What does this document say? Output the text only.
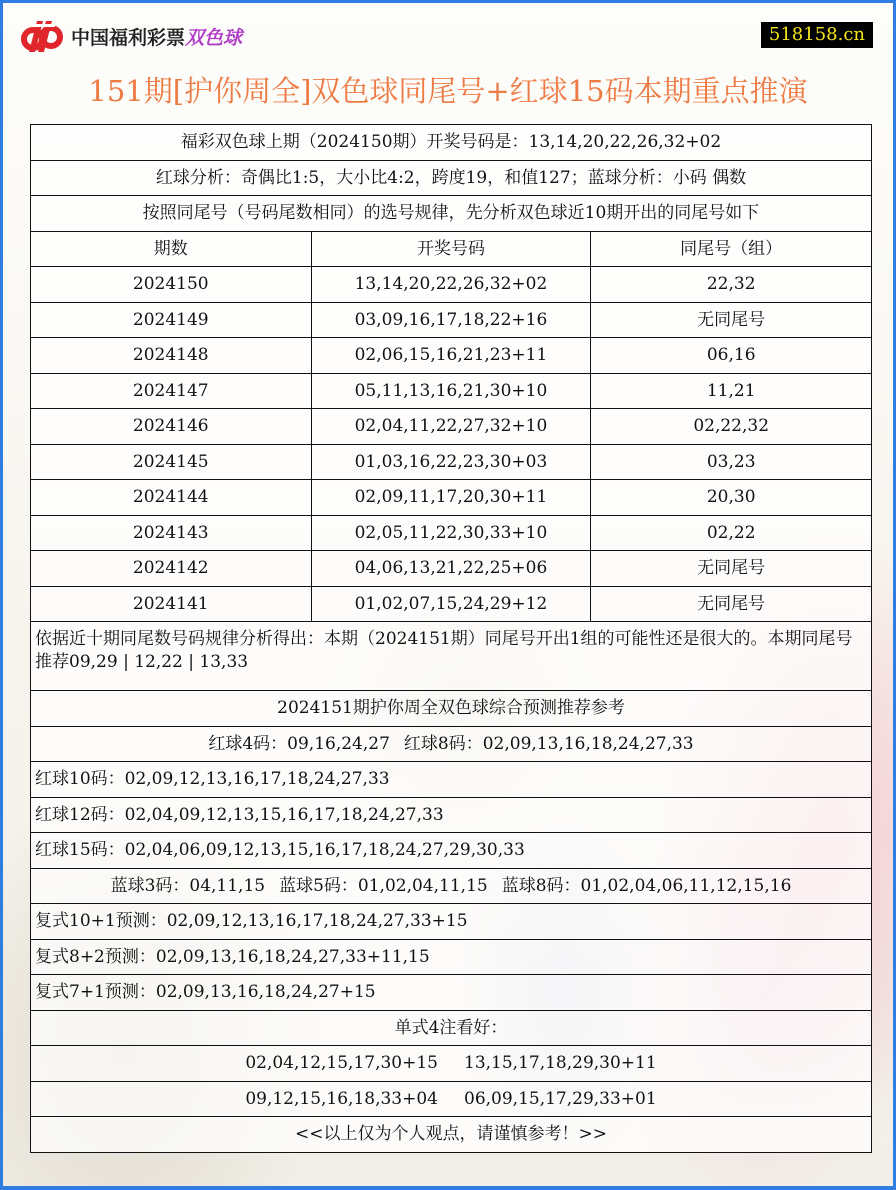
中国福利彩票 双色球	518158.cn
151期[护你周全]双色球同尾号+红球15码本期重点推演
福彩双色球上期（2024150期）开奖号码是：13,14,20,22,26,32+02		
红球分析：奇偶比1:5，大小比4:2，跨度19，和值127；蓝球分析：小码 偶数		
按照同尾号（号码尾数相同）的选号规律，先分析双色球近10期开出的同尾号如下		
期数	开奖号码	同尾号（组）
2024150	13,14,20,22,26,32+02	22,32
2024149	03,09,16,17,18,22+16	无同尾号
2024148	02,06,15,16,21,23+11	06,16
2024147	05,11,13,16,21,30+10	11,21
2024146	02,04,11,22,27,32+10	02,22,32
2024145	01,03,16,22,23,30+03	03,23
2024144	02,09,11,17,20,30+11	20,30
2024143	02,05,11,22,30,33+10	02,22
2024142	04,06,13,21,22,25+06	无同尾号
2024141	01,02,07,15,24,29+12	无同尾号
依据近十期同尾数号码规律分析得出：本期（2024151期）同尾号开出1组的可能性还是很大的。本期同尾号推荐09,29 | 12,22 | 13,33		
2024151期护你周全双色球综合预测推荐参考		
红球4码：09,16,24,27 红球8码：02,09,13,16,18,24,27,33		
红球10码：02,09,12,13,16,17,18,24,27,33		
红球12码：02,04,09,12,13,15,16,17,18,24,27,33		
红球15码：02,04,06,09,12,13,15,16,17,18,24,27,29,30,33		
蓝球3码：04,11,15 蓝球5码：01,02,04,11,15 蓝球8码：01,02,04,06,11,12,15,16		
复式10+1预测：02,09,12,13,16,17,18,24,27,33+15		
复式8+2预测：02,09,13,16,18,24,27,33+11,15		
复式7+1预测：02,09,13,16,18,24,27+15		
单式4注看好：		
02,04,12,15,17,30+15 13,15,17,18,29,30+11		
09,12,15,16,18,33+04 06,09,15,17,29,33+01		
<<以上仅为个人观点，请谨慎参考！>>		
